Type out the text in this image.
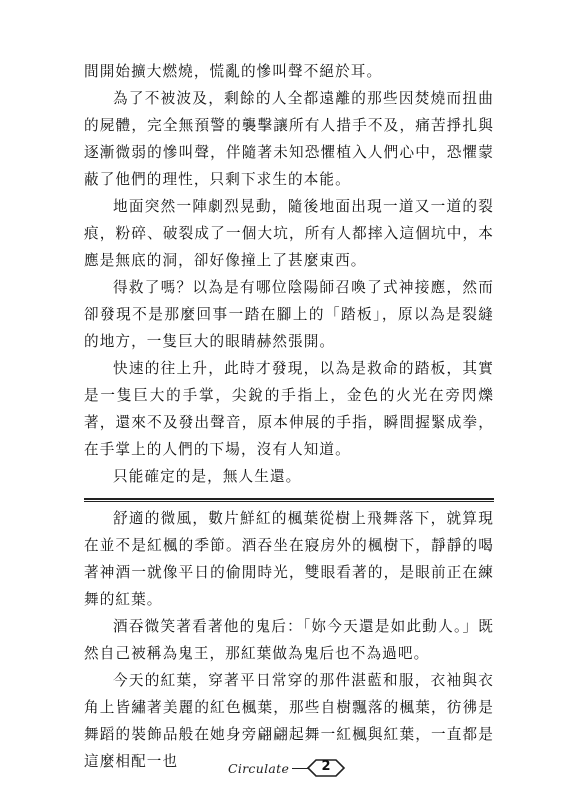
間開始擴大燃燒，慌亂的慘叫聲不絕於耳。

為了不被波及，剩餘的人全都遠離的那些因焚燒而扭曲的屍體，完全無預警的襲擊讓所有人措手不及，痛苦掙扎與逐漸微弱的慘叫聲，伴隨著未知恐懼植入人們心中，恐懼蒙蔽了他們的理性，只剩下求生的本能。

地面突然一陣劇烈晃動，隨後地面出現一道又一道的裂痕，粉碎、破裂成了一個大坑，所有人都摔入這個坑中，本應是無底的洞，卻好像撞上了甚麼東西。

得救了嗎？以為是有哪位陰陽師召喚了式神接應，然而卻發現不是那麼回事一踏在腳上的「踏板」，原以為是裂縫的地方，一隻巨大的眼睛赫然張開。

快速的往上升，此時才發現，以為是救命的踏板，其實是一隻巨大的手掌，尖銳的手指上，金色的火光在旁閃爍著，還來不及發出聲音，原本伸展的手指，瞬間握緊成拳，在手掌上的人們的下場，沒有人知道。

只能確定的是，無人生還。

舒適的微風，數片鮮紅的楓葉從樹上飛舞落下，就算現在並不是紅楓的季節。酒吞坐在寢房外的楓樹下，靜靜的喝著神酒一就像平日的偷閒時光，雙眼看著的，是眼前正在練舞的紅葉。

酒吞微笑著看著他的鬼后：「妳今天還是如此動人。」既然自己被稱為鬼王，那紅葉做為鬼后也不為過吧。

今天的紅葉，穿著平日常穿的那件湛藍和服，衣袖與衣角上皆繡著美麗的紅色楓葉，那些自樹飄落的楓葉，彷彿是舞蹈的裝飾品般在她身旁翩翩起舞一紅楓與紅葉，一直都是這麼相配一也	Circulate	2
